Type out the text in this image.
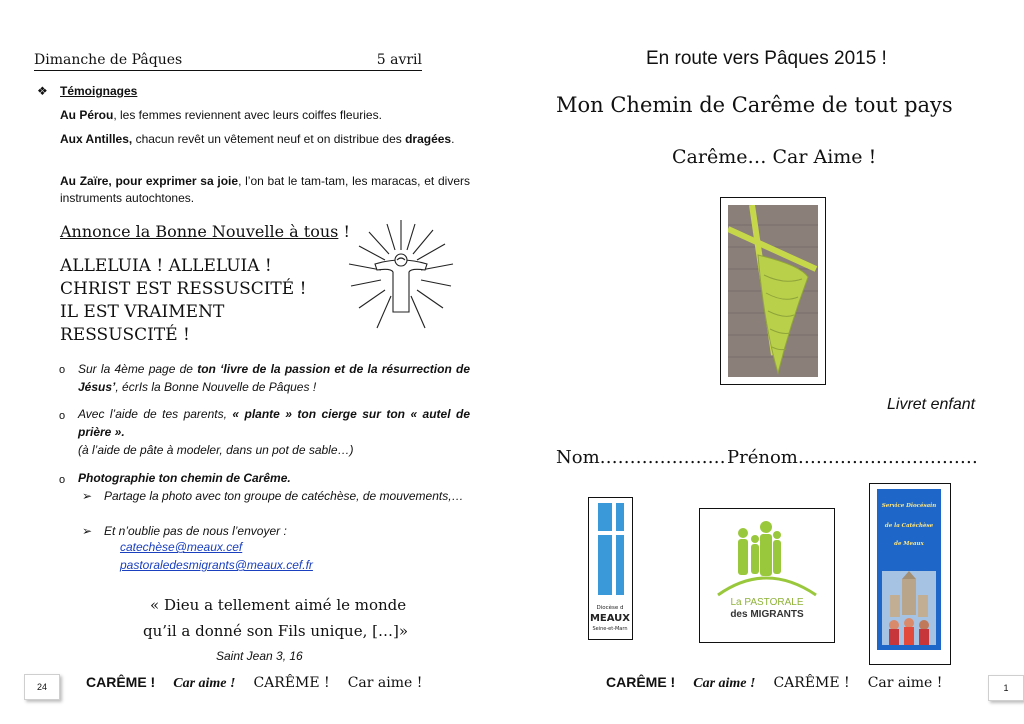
Dimanche de Pâques	5 avril
❖ Témoignages
Au Pérou, les femmes reviennent avec leurs coiffes fleuries.
Aux Antilles, chacun revêt un vêtement neuf et on distribue des dragées.
Au Zaïre, pour exprimer sa joie, l’on bat le tam-tam, les maracas, et divers instruments autochtones.
Annonce la Bonne Nouvelle à tous !
ALLELUIA ! ALLELUIA !
CHRIST EST RESSUSCITÉ !
IL EST VRAIMENT
RESSUSCITÉ !
o Sur la 4ème page de ton ‘livre de la passion et de la résurrection de Jésus’, écrIs la Bonne Nouvelle de Pâques !
o Avec l’aide de tes parents, « plante » ton cierge sur ton « autel de prière ».
(à l’aide de pâte à modeler, dans un pot de sable…)
o Photographie ton chemin de Carême.
➢ Partage la photo avec ton groupe de catéchèse, de mouvements,…
➢ Et n’oublie pas de nous l’envoyer :
catechèse@meaux.cef
pastoraledesmigrants@meaux.cef.fr
« Dieu a tellement aimé le monde
qu’il a donné son Fils unique, […]»
Saint Jean 3, 16
24	CARÊME ! Car aime ! CARÊME ! Car aime !
En route vers Pâques 2015 !
Mon Chemin de Carême de tout pays
Carême… Car Aime !
Livret enfant
Nom………………… Prénom…………………………
Diocèse d
MEAUX
Seine-et-Marn
La PASTORALE
des MIGRANTS
Service Diocésain
de la Catéchèse
de Meaux
CARÊME ! Car aime ! CARÊME ! Car aime !	1
